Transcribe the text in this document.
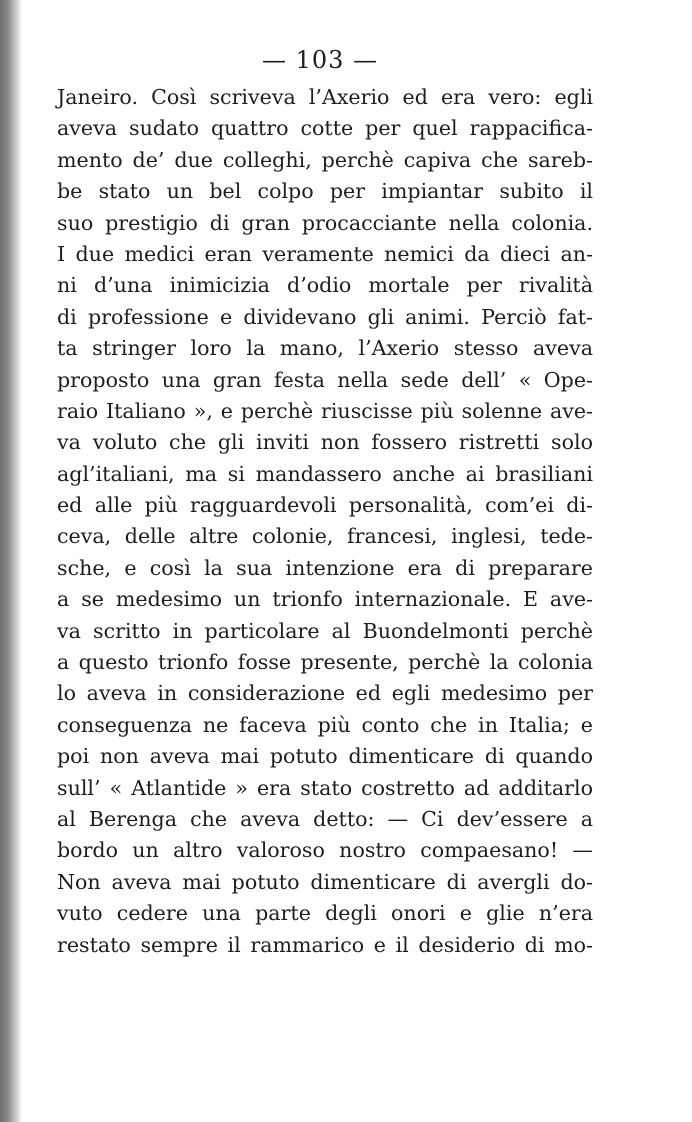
— 103 —
Janeiro. Così scriveva l’Axerio ed era vero: egli
aveva sudato quattro cotte per quel rappacifica-
mento de’ due colleghi, perchè capiva che sareb-
be stato un bel colpo per impiantar subito il
suo prestigio di gran procacciante nella colonia.
I due medici eran veramente nemici da dieci an-
ni d’una inimicizia d’odio mortale per rivalità
di professione e dividevano gli animi. Perciò fat-
ta stringer loro la mano, l’Axerio stesso aveva
proposto una gran festa nella sede dell’ « Ope-
raio Italiano », e perchè riuscisse più solenne ave-
va voluto che gli inviti non fossero ristretti solo
agl’italiani, ma si mandassero anche ai brasiliani
ed alle più ragguardevoli personalità, com’ei di-
ceva, delle altre colonie, francesi, inglesi, tede-
sche, e così la sua intenzione era di preparare
a se medesimo un trionfo internazionale. E ave-
va scritto in particolare al Buondelmonti perchè
a questo trionfo fosse presente, perchè la colonia
lo aveva in considerazione ed egli medesimo per
conseguenza ne faceva più conto che in Italia; e
poi non aveva mai potuto dimenticare di quando
sull’ « Atlantide » era stato costretto ad additarlo
al Berenga che aveva detto: — Ci dev’essere a
bordo un altro valoroso nostro compaesano! —
Non aveva mai potuto dimenticare di avergli do-
vuto cedere una parte degli onori e glie n’era
restato sempre il rammarico e il desiderio di mo-
